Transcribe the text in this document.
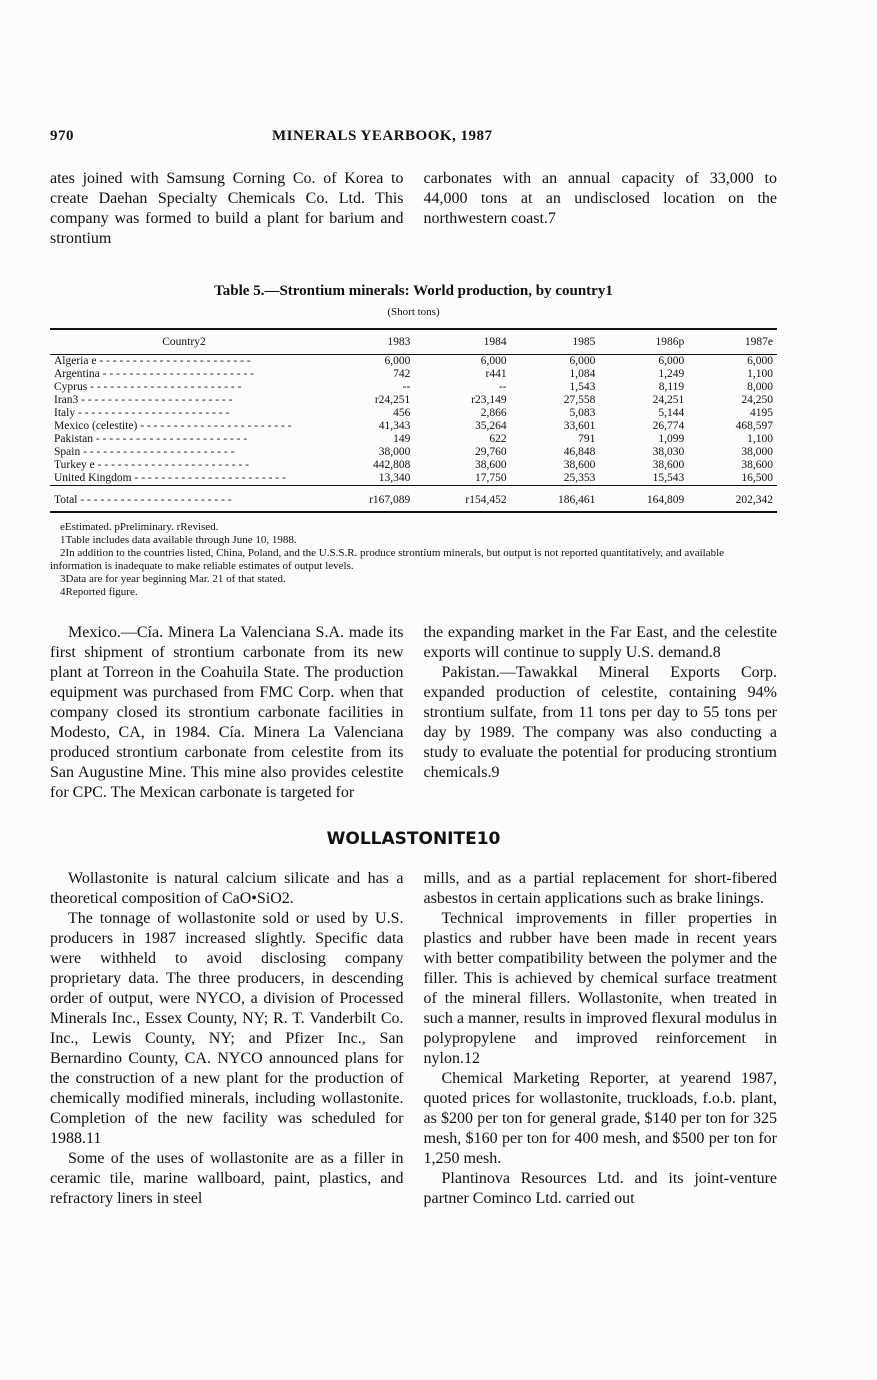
970	MINERALS YEARBOOK, 1987

ates joined with Samsung Corning Co. of Korea to create Daehan Specialty Chemicals Co. Ltd. This company was formed to build a plant for barium and strontium

carbonates with an annual capacity of 33,000 to 44,000 tons at an undisclosed location on the northwestern coast.7

Table 5.—Strontium minerals: World production, by country1
(Short tons)
Country2	1983	1984	1985	1986p	1987e
Algeria e - - -	6,000	6,000	6,000	6,000	6,000
Argentina - - -	742	r441	1,084	1,249	1,100
Cyprus - - -	--	--	1,543	8,119	8,000
Iran3 - - -	r24,251	r23,149	27,558	24,251	24,250
Italy - - -	456	2,866	5,083	5,144	4195
Mexico (celestite) - - -	41,343	35,264	33,601	26,774	468,597
Pakistan - - -	149	622	791	1,099	1,100
Spain - - -	38,000	29,760	46,848	38,030	38,000
Turkey e - - -	442,808	38,600	38,600	38,600	38,600
United Kingdom - - -	13,340	17,750	25,353	15,543	16,500
Total - - -	r167,089	r154,452	186,461	164,809	202,342
eEstimated. pPreliminary. rRevised.
1Table includes data available through June 10, 1988.
2In addition to the countries listed, China, Poland, and the U.S.S.R. produce strontium minerals, but output is not reported quantitatively, and available information is inadequate to make reliable estimates of output levels.
3Data are for year beginning Mar. 21 of that stated.
4Reported figure.

Mexico.—Cía. Minera La Valenciana S.A. made its first shipment of strontium carbonate from its new plant at Torreon in the Coahuila State. The production equipment was purchased from FMC Corp. when that company closed its strontium carbonate facilities in Modesto, CA, in 1984. Cía. Minera La Valenciana produced strontium carbonate from celestite from its San Augustine Mine. This mine also provides celestite for CPC. The Mexican carbonate is targeted for

the expanding market in the Far East, and the celestite exports will continue to supply U.S. demand.8

Pakistan.—Tawakkal Mineral Exports Corp. expanded production of celestite, containing 94% strontium sulfate, from 11 tons per day to 55 tons per day by 1989. The company was also conducting a study to evaluate the potential for producing strontium chemicals.9

WOLLASTONITE10

Wollastonite is natural calcium silicate and has a theoretical composition of CaO•SiO2.

The tonnage of wollastonite sold or used by U.S. producers in 1987 increased slightly. Specific data were withheld to avoid disclosing company proprietary data. The three producers, in descending order of output, were NYCO, a division of Processed Minerals Inc., Essex County, NY; R. T. Vanderbilt Co. Inc., Lewis County, NY; and Pfizer Inc., San Bernardino County, CA. NYCO announced plans for the construction of a new plant for the production of chemically modified minerals, including wollastonite. Completion of the new facility was scheduled for 1988.11

Some of the uses of wollastonite are as a filler in ceramic tile, marine wallboard, paint, plastics, and refractory liners in steel

mills, and as a partial replacement for short-fibered asbestos in certain applications such as brake linings.

Technical improvements in filler properties in plastics and rubber have been made in recent years with better compatibility between the polymer and the filler. This is achieved by chemical surface treatment of the mineral fillers. Wollastonite, when treated in such a manner, results in improved flexural modulus in polypropylene and improved reinforcement in nylon.12

Chemical Marketing Reporter, at yearend 1987, quoted prices for wollastonite, truckloads, f.o.b. plant, as $200 per ton for general grade, $140 per ton for 325 mesh, $160 per ton for 400 mesh, and $500 per ton for 1,250 mesh.

Plantinova Resources Ltd. and its joint-venture partner Cominco Ltd. carried out
